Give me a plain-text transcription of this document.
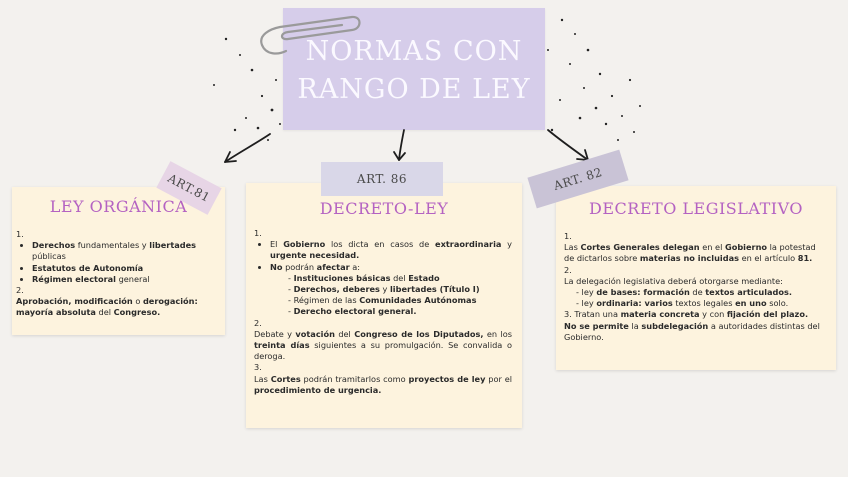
NORMAS CON
RANGO DE LEY
LEY ORGÁNICA

1.

• Derechos fundamentales y libertades públicas
• Estatutos de Autonomía
• Régimen electoral general

2.

Aprobación, modificación o derogación: mayoría absoluta del Congreso.

DECRETO-LEY

1.

• El Gobierno los dicta en casos de extraordinaria y urgente necesidad.
• No podrán afectar a:
- Instituciones básicas del Estado
- Derechos, deberes y libertades (Título I)
- Régimen de las Comunidades Autónomas
- Derecho electoral general.

2.

Debate y votación del Congreso de los Diputados, en los treinta días siguientes a su promulgación. Se convalida o deroga.

3.

Las Cortes podrán tramitarlos como proyectos de ley por el procedimiento de urgencia.

DECRETO LEGISLATIVO

1.

Las Cortes Generales delegan en el Gobierno la potestad de dictarlos sobre materias no incluidas en el artículo 81.

2.

La delegación legislativa deberá otorgarse mediante:

- ley de bases: formación de textos articulados.

- ley ordinaria: varios textos legales en uno solo.

3. Tratan una materia concreta y con fijación del plazo.

No se permite la subdelegación a autoridades distintas del Gobierno.

ART.81	ART. 86	ART. 82
